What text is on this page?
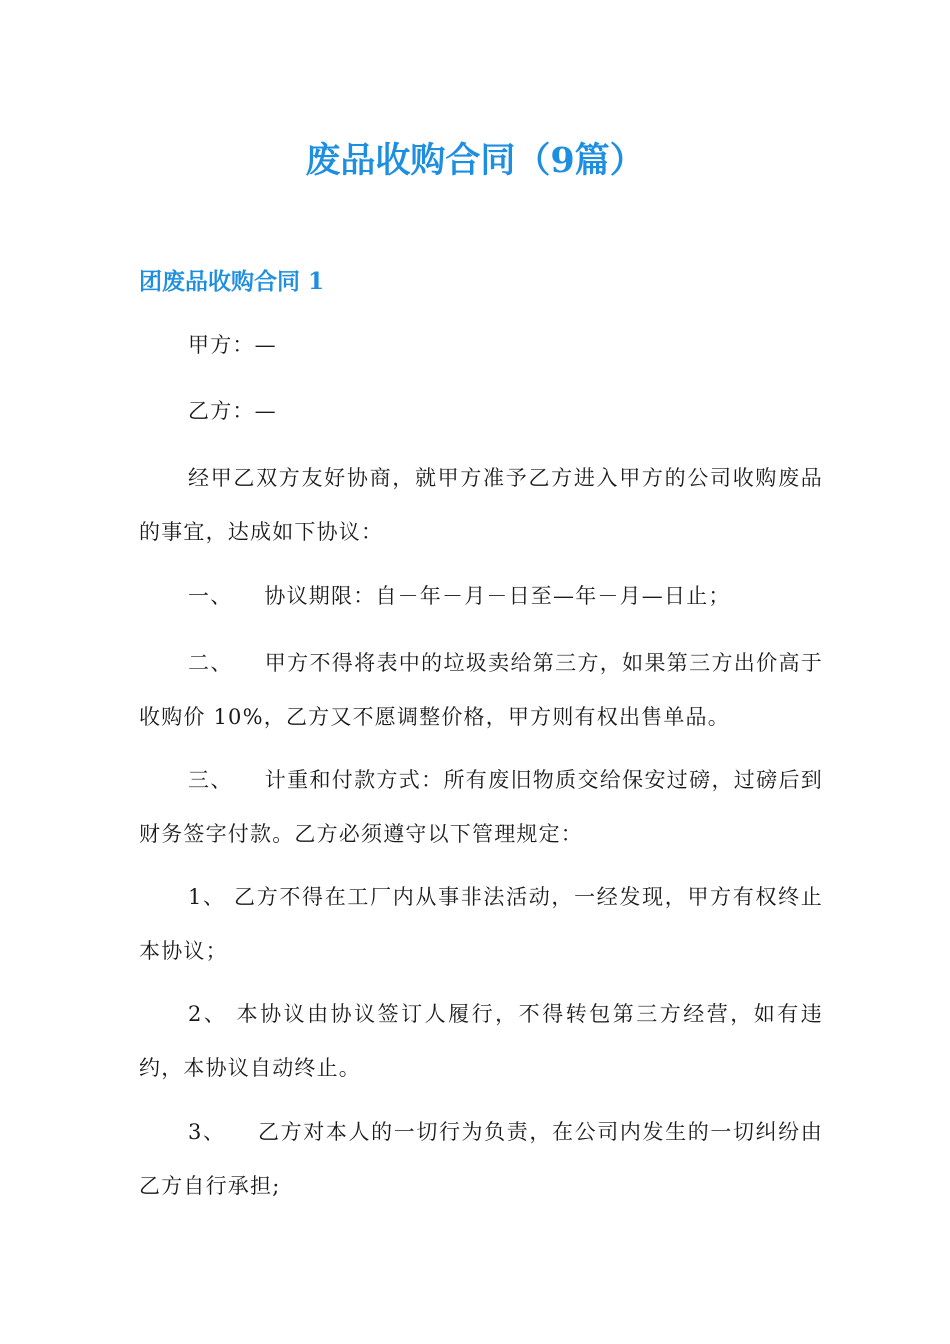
废品收购合同（9篇）
团废品收购合同 1

甲方：—

乙方：—

经甲乙双方友好协商，就甲方准予乙方进入甲方的公司收购废品的事宜，达成如下协议：

一、 协议期限：自－年－月－日至—年－月—日止；

二、 甲方不得将表中的垃圾卖给第三方，如果第三方出价高于收购价 10%，乙方又不愿调整价格，甲方则有权出售单品。

三、 计重和付款方式：所有废旧物质交给保安过磅，过磅后到财务签字付款。乙方必须遵守以下管理规定：

1、 乙方不得在工厂内从事非法活动，一经发现，甲方有权终止本协议；

2、 本协议由协议签订人履行，不得转包第三方经营，如有违约，本协议自动终止。

3、 乙方对本人的一切行为负责，在公司内发生的一切纠纷由乙方自行承担;
